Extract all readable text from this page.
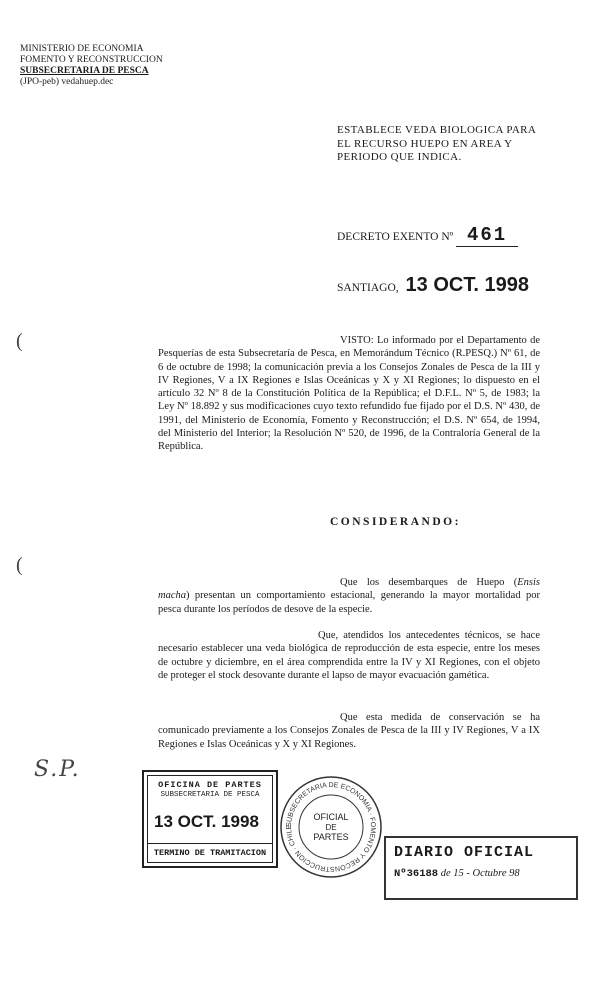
MINISTERIO DE ECONOMIA
FOMENTO Y RECONSTRUCCION
SUBSECRETARIA DE PESCA
(JPO-peb) vedahuep.dec
ESTABLECE VEDA BIOLOGICA PARA EL RECURSO HUEPO EN AREA Y PERIODO QUE INDICA.
DECRETO EXENTO Nº 461
SANTIAGO, 13 OCT. 1998
VISTO: Lo informado por el Departamento de Pesquerías de esta Subsecretaría de Pesca, en Memorándum Técnico (R.PESQ.) Nº 61, de 6 de octubre de 1998; la comunicación previa a los Consejos Zonales de Pesca de la III y IV Regiones, V a IX Regiones e Islas Oceánicas y X y XI Regiones; lo dispuesto en el artículo 32 Nº 8 de la Constitución Política de la República; el D.F.L. Nº 5, de 1983; la Ley Nº 18.892 y sus modificaciones cuyo texto refundido fue fijado por el D.S. Nº 430, de 1991, del Ministerio de Economía, Fomento y Reconstrucción; el D.S. Nº 654, de 1994, del Ministerio del Interior; la Resolución Nº 520, de 1996, de la Contraloría General de la República.
(
(
CONSIDERANDO:
Que los desembarques de Huepo (Ensis macha) presentan un comportamiento estacional, generando la mayor mortalidad por pesca durante los períodos de desove de la especie.
Que, atendidos los antecedentes técnicos, se hace necesario establecer una veda biológica de reproducción de esta especie, entre los meses de octubre y diciembre, en el área comprendida entre la IV y XI Regiones, con el objeto de proteger el stock desovante durante el lapso de mayor evacuación gamética.
Que esta medida de conservación se ha comunicado previamente a los Consejos Zonales de Pesca de la III y IV Regiones, V a IX Regiones e Islas Oceánicas y X y XI Regiones.
S.P.
OFICINA DE PARTES
SUBSECRETARIA DE PESCA
13 OCT. 1998
TERMINO DE TRAMITACION
SUBSECRETARIA DE ECONOMIA · FOMENTO Y RECONSTRUCCION · CHILE
OFICIAL
DE
PARTES
DIARIO OFICIAL
Nº36188 de 15 - Octubre 98
